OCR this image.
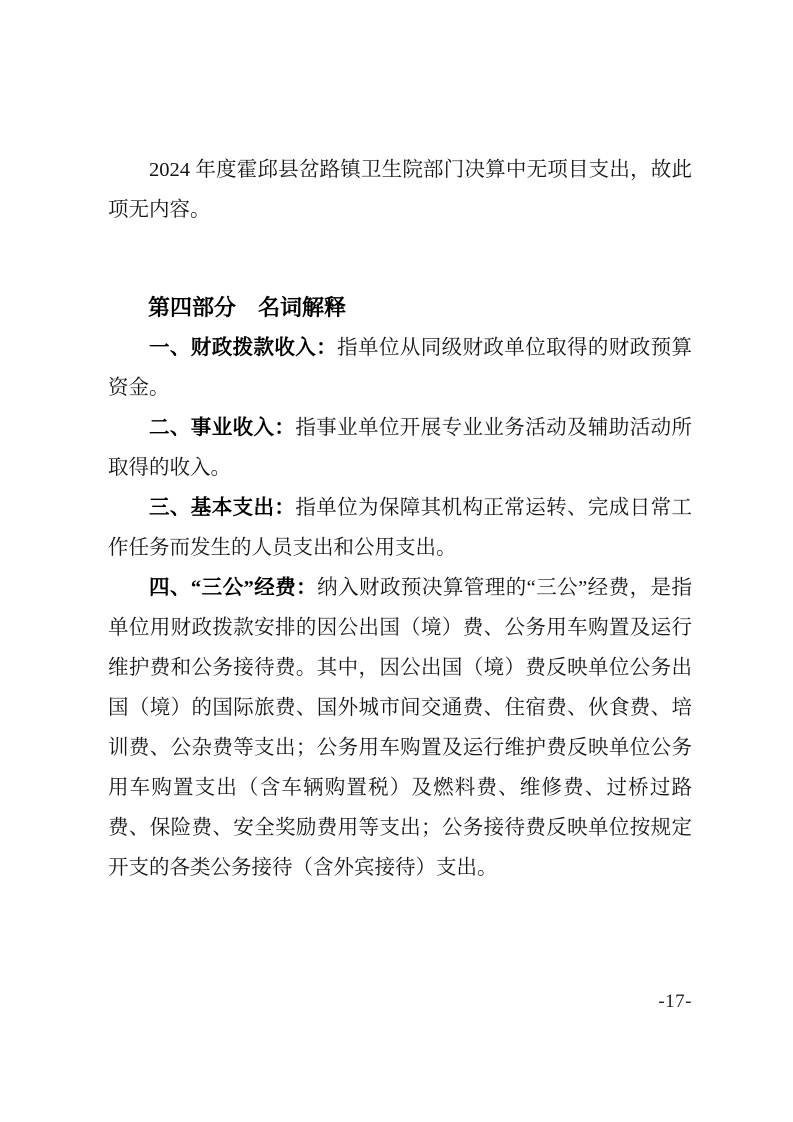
2024 年度霍邱县岔路镇卫生院部门决算中无项目支出，故此项无内容。

第四部分　名词解释

一、财政拨款收入：指单位从同级财政单位取得的财政预算资金。

二、事业收入：指事业单位开展专业业务活动及辅助活动所取得的收入。

三、基本支出：指单位为保障其机构正常运转、完成日常工作任务而发生的人员支出和公用支出。

四、“三公”经费：纳入财政预决算管理的“三公”经费，是指单位用财政拨款安排的因公出国（境）费、公务用车购置及运行维护费和公务接待费。其中，因公出国（境）费反映单位公务出国（境）的国际旅费、国外城市间交通费、住宿费、伙食费、培训费、公杂费等支出；公务用车购置及运行维护费反映单位公务用车购置支出（含车辆购置税）及燃料费、维修费、过桥过路费、保险费、安全奖励费用等支出；公务接待费反映单位按规定开支的各类公务接待（含外宾接待）支出。

-17-
